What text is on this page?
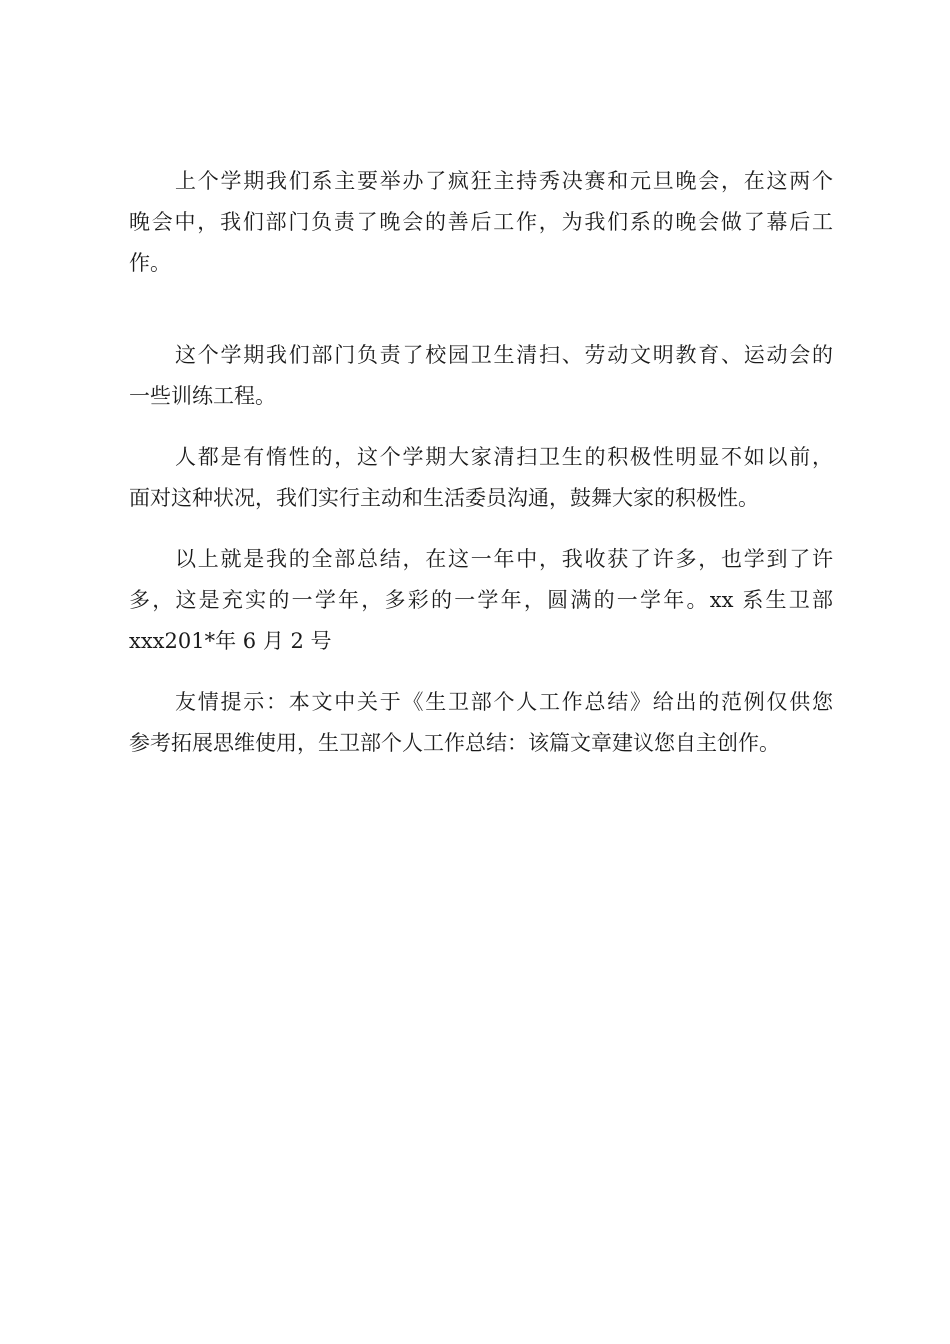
上个学期我们系主要举办了疯狂主持秀决赛和元旦晚会，在这两个
晚会中，我们部门负责了晚会的善后工作，为我们系的晚会做了幕后工
作。
这个学期我们部门负责了校园卫生清扫、劳动文明教育、运动会的
一些训练工程。
人都是有惰性的，这个学期大家清扫卫生的积极性明显不如以前，
面对这种状况，我们实行主动和生活委员沟通，鼓舞大家的积极性。
以上就是我的全部总结，在这一年中，我收获了许多，也学到了许
多，这是充实的一学年，多彩的一学年，圆满的一学年。xx 系生卫部
xxx201*年 6 月 2 号
友情提示：本文中关于《生卫部个人工作总结》给出的范例仅供您
参考拓展思维使用，生卫部个人工作总结：该篇文章建议您自主创作。
